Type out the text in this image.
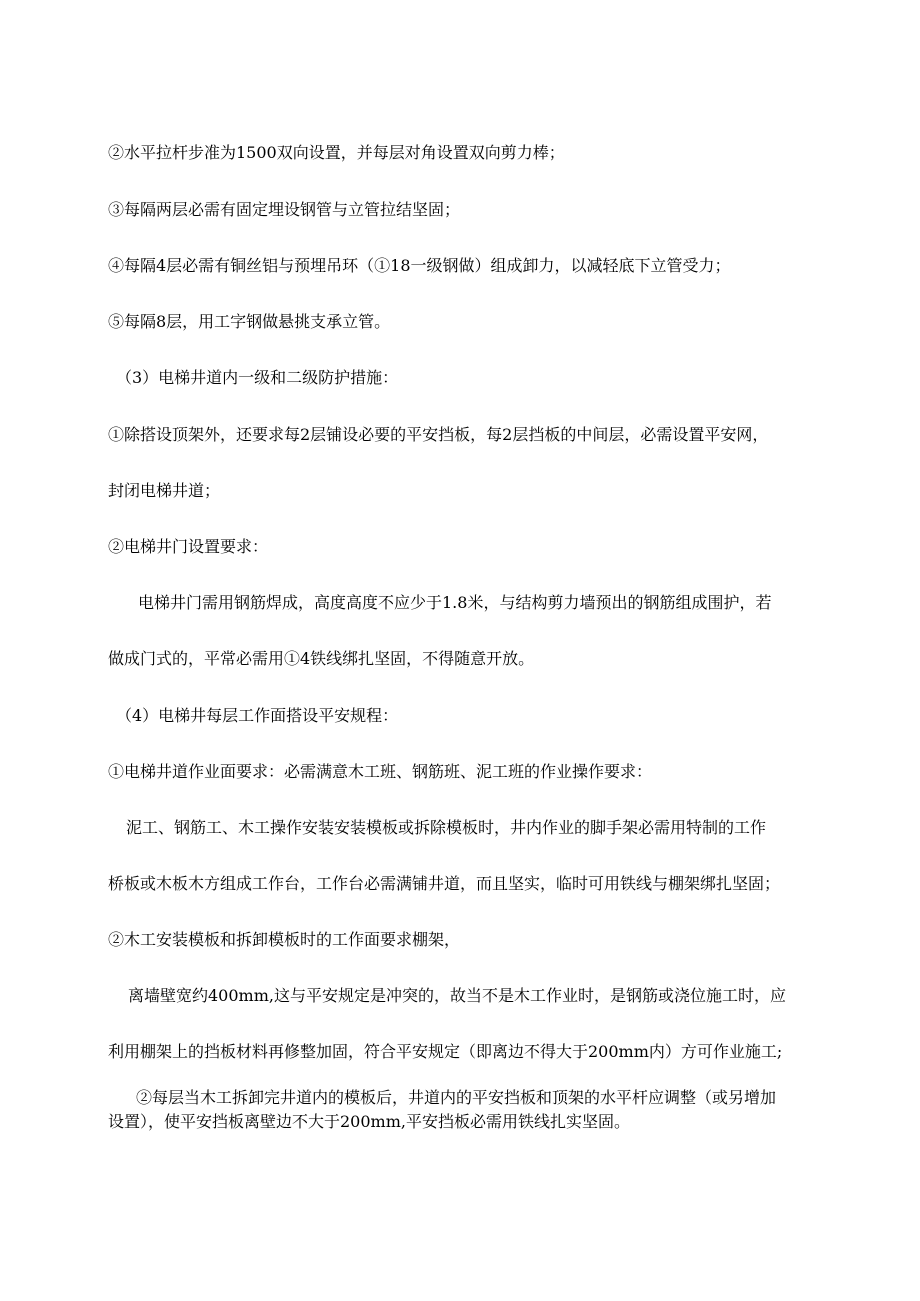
②水平拉杆步准为1500双向设置，并每层对角设置双向剪力棒；
③每隔两层必需有固定埋设钢管与立管拉结坚固；
④每隔4层必需有铜丝铝与预埋吊环（①18一级钢做）组成卸力，以减轻底下立管受力；
⑤每隔8层，用工字钢做悬挑支承立管。
（3）电梯井道内一级和二级防护措施：
①除搭设顶架外，还要求每2层铺设必要的平安挡板，每2层挡板的中间层，必需设置平安网，
封闭电梯井道；
②电梯井门设置要求：
电梯井门需用钢筋焊成，高度高度不应少于1.8米，与结构剪力墙预出的钢筋组成围护，若
做成门式的，平常必需用①4铁线绑扎坚固，不得随意开放。
（4）电梯井每层工作面搭设平安规程：
①电梯井道作业面要求：必需满意木工班、钢筋班、泥工班的作业操作要求：
泥工、钢筋工、木工操作安装安装模板或拆除模板时，井内作业的脚手架必需用特制的工作
桥板或木板木方组成工作台，工作台必需满铺井道，而且坚实，临时可用铁线与棚架绑扎坚固；
②木工安装模板和拆卸模板时的工作面要求棚架，
离墙壁宽约400mm,这与平安规定是冲突的，故当不是木工作业时，是钢筋或浇位施工时，应
利用棚架上的挡板材料再修整加固，符合平安规定（即离边不得大于200mm内）方可作业施工;
②每层当木工拆卸完井道内的模板后，井道内的平安挡板和顶架的水平杆应调整（或另增加
设置），使平安挡板离壁边不大于200mm,平安挡板必需用铁线扎实坚固。
